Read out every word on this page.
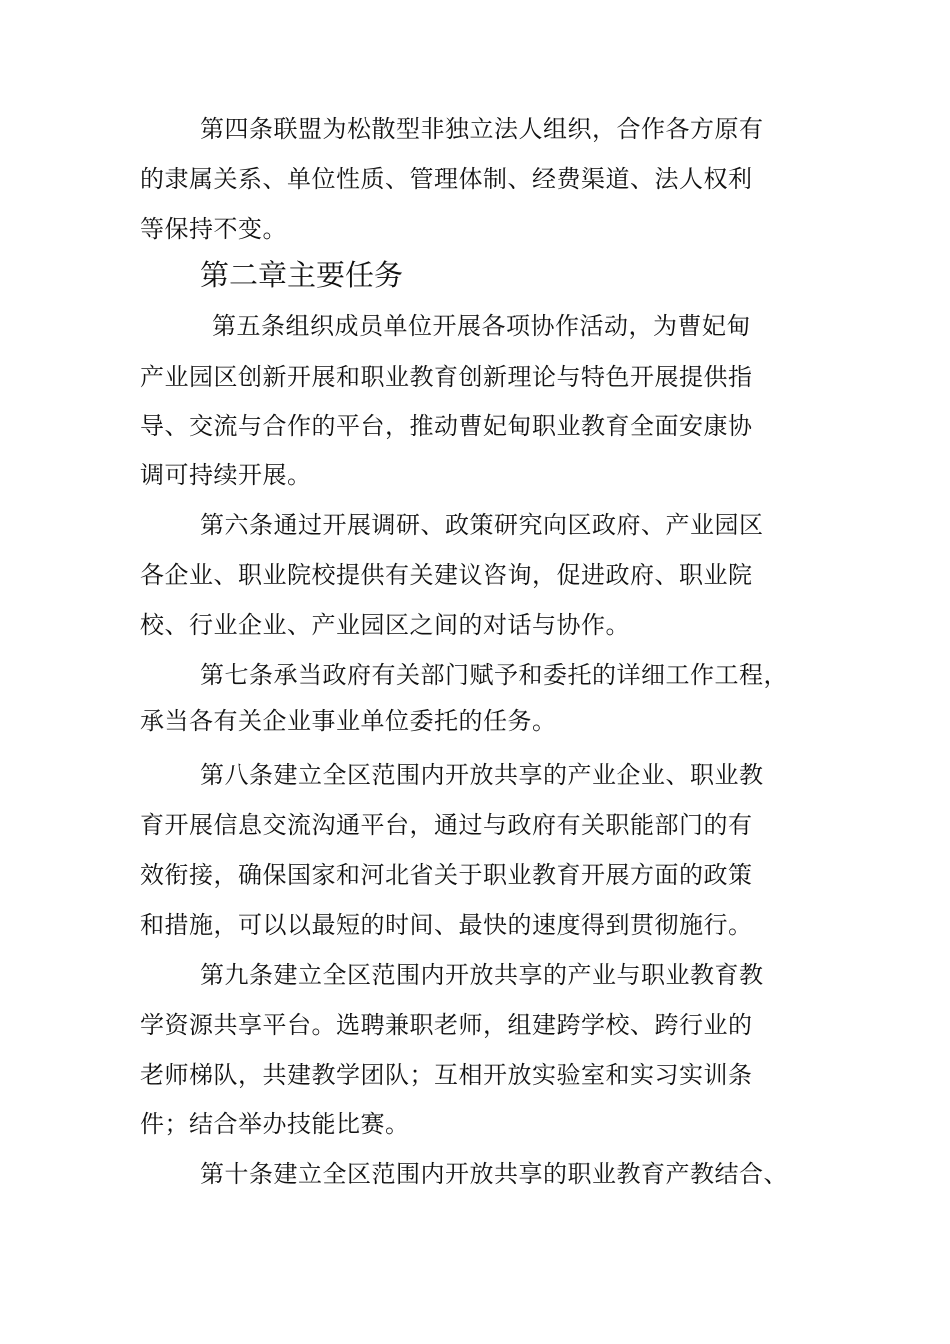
第四条联盟为松散型非独立法人组织，合作各方原有
的隶属关系、单位性质、管理体制、经费渠道、法人权利
等保持不变。
第二章主要任务
第五条组织成员单位开展各项协作活动，为曹妃甸
产业园区创新开展和职业教育创新理论与特色开展提供指
导、交流与合作的平台，推动曹妃甸职业教育全面安康协
调可持续开展。
第六条通过开展调研、政策研究向区政府、产业园区
各企业、职业院校提供有关建议咨询，促进政府、职业院
校、行业企业、产业园区之间的对话与协作。
第七条承当政府有关部门赋予和委托的详细工作工程，
承当各有关企业事业单位委托的任务。
第八条建立全区范围内开放共享的产业企业、职业教
育开展信息交流沟通平台，通过与政府有关职能部门的有
效衔接，确保国家和河北省关于职业教育开展方面的政策
和措施，可以以最短的时间、最快的速度得到贯彻施行。
第九条建立全区范围内开放共享的产业与职业教育教
学资源共享平台。选聘兼职老师，组建跨学校、跨行业的
老师梯队，共建教学团队；互相开放实验室和实习实训条
件；结合举办技能比赛。
第十条建立全区范围内开放共享的职业教育产教结合、
